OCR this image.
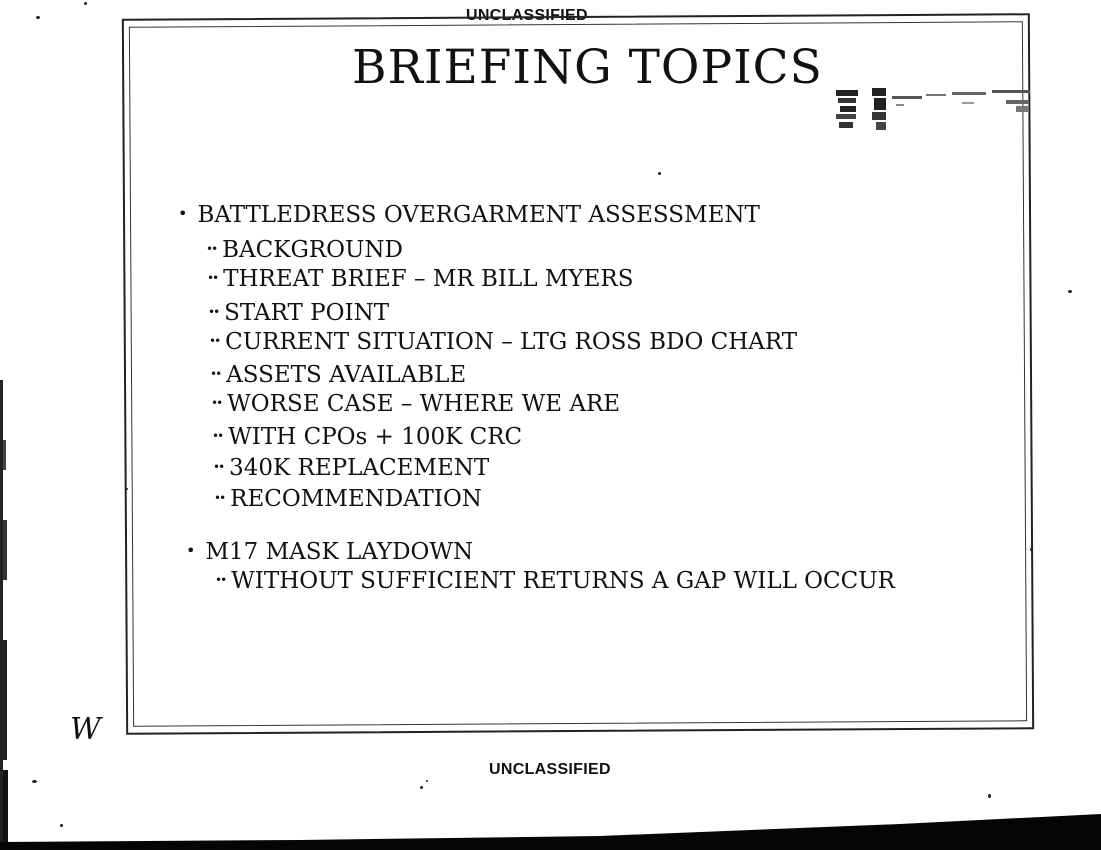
UNCLASSIFIED
BRIEFING TOPICS
• BATTLEDRESS OVERGARMENT ASSESSMENT
•• BACKGROUND
•• THREAT BRIEF – MR BILL MYERS
•• START POINT
•• CURRENT SITUATION – LTG ROSS BDO CHART
•• ASSETS AVAILABLE
•• WORSE CASE – WHERE WE ARE
•• WITH CPOs + 100K CRC
•• 340K REPLACEMENT
•• RECOMMENDATION
• M17 MASK LAYDOWN
•• WITHOUT SUFFICIENT RETURNS A GAP WILL OCCUR
UNCLASSIFIED
W
